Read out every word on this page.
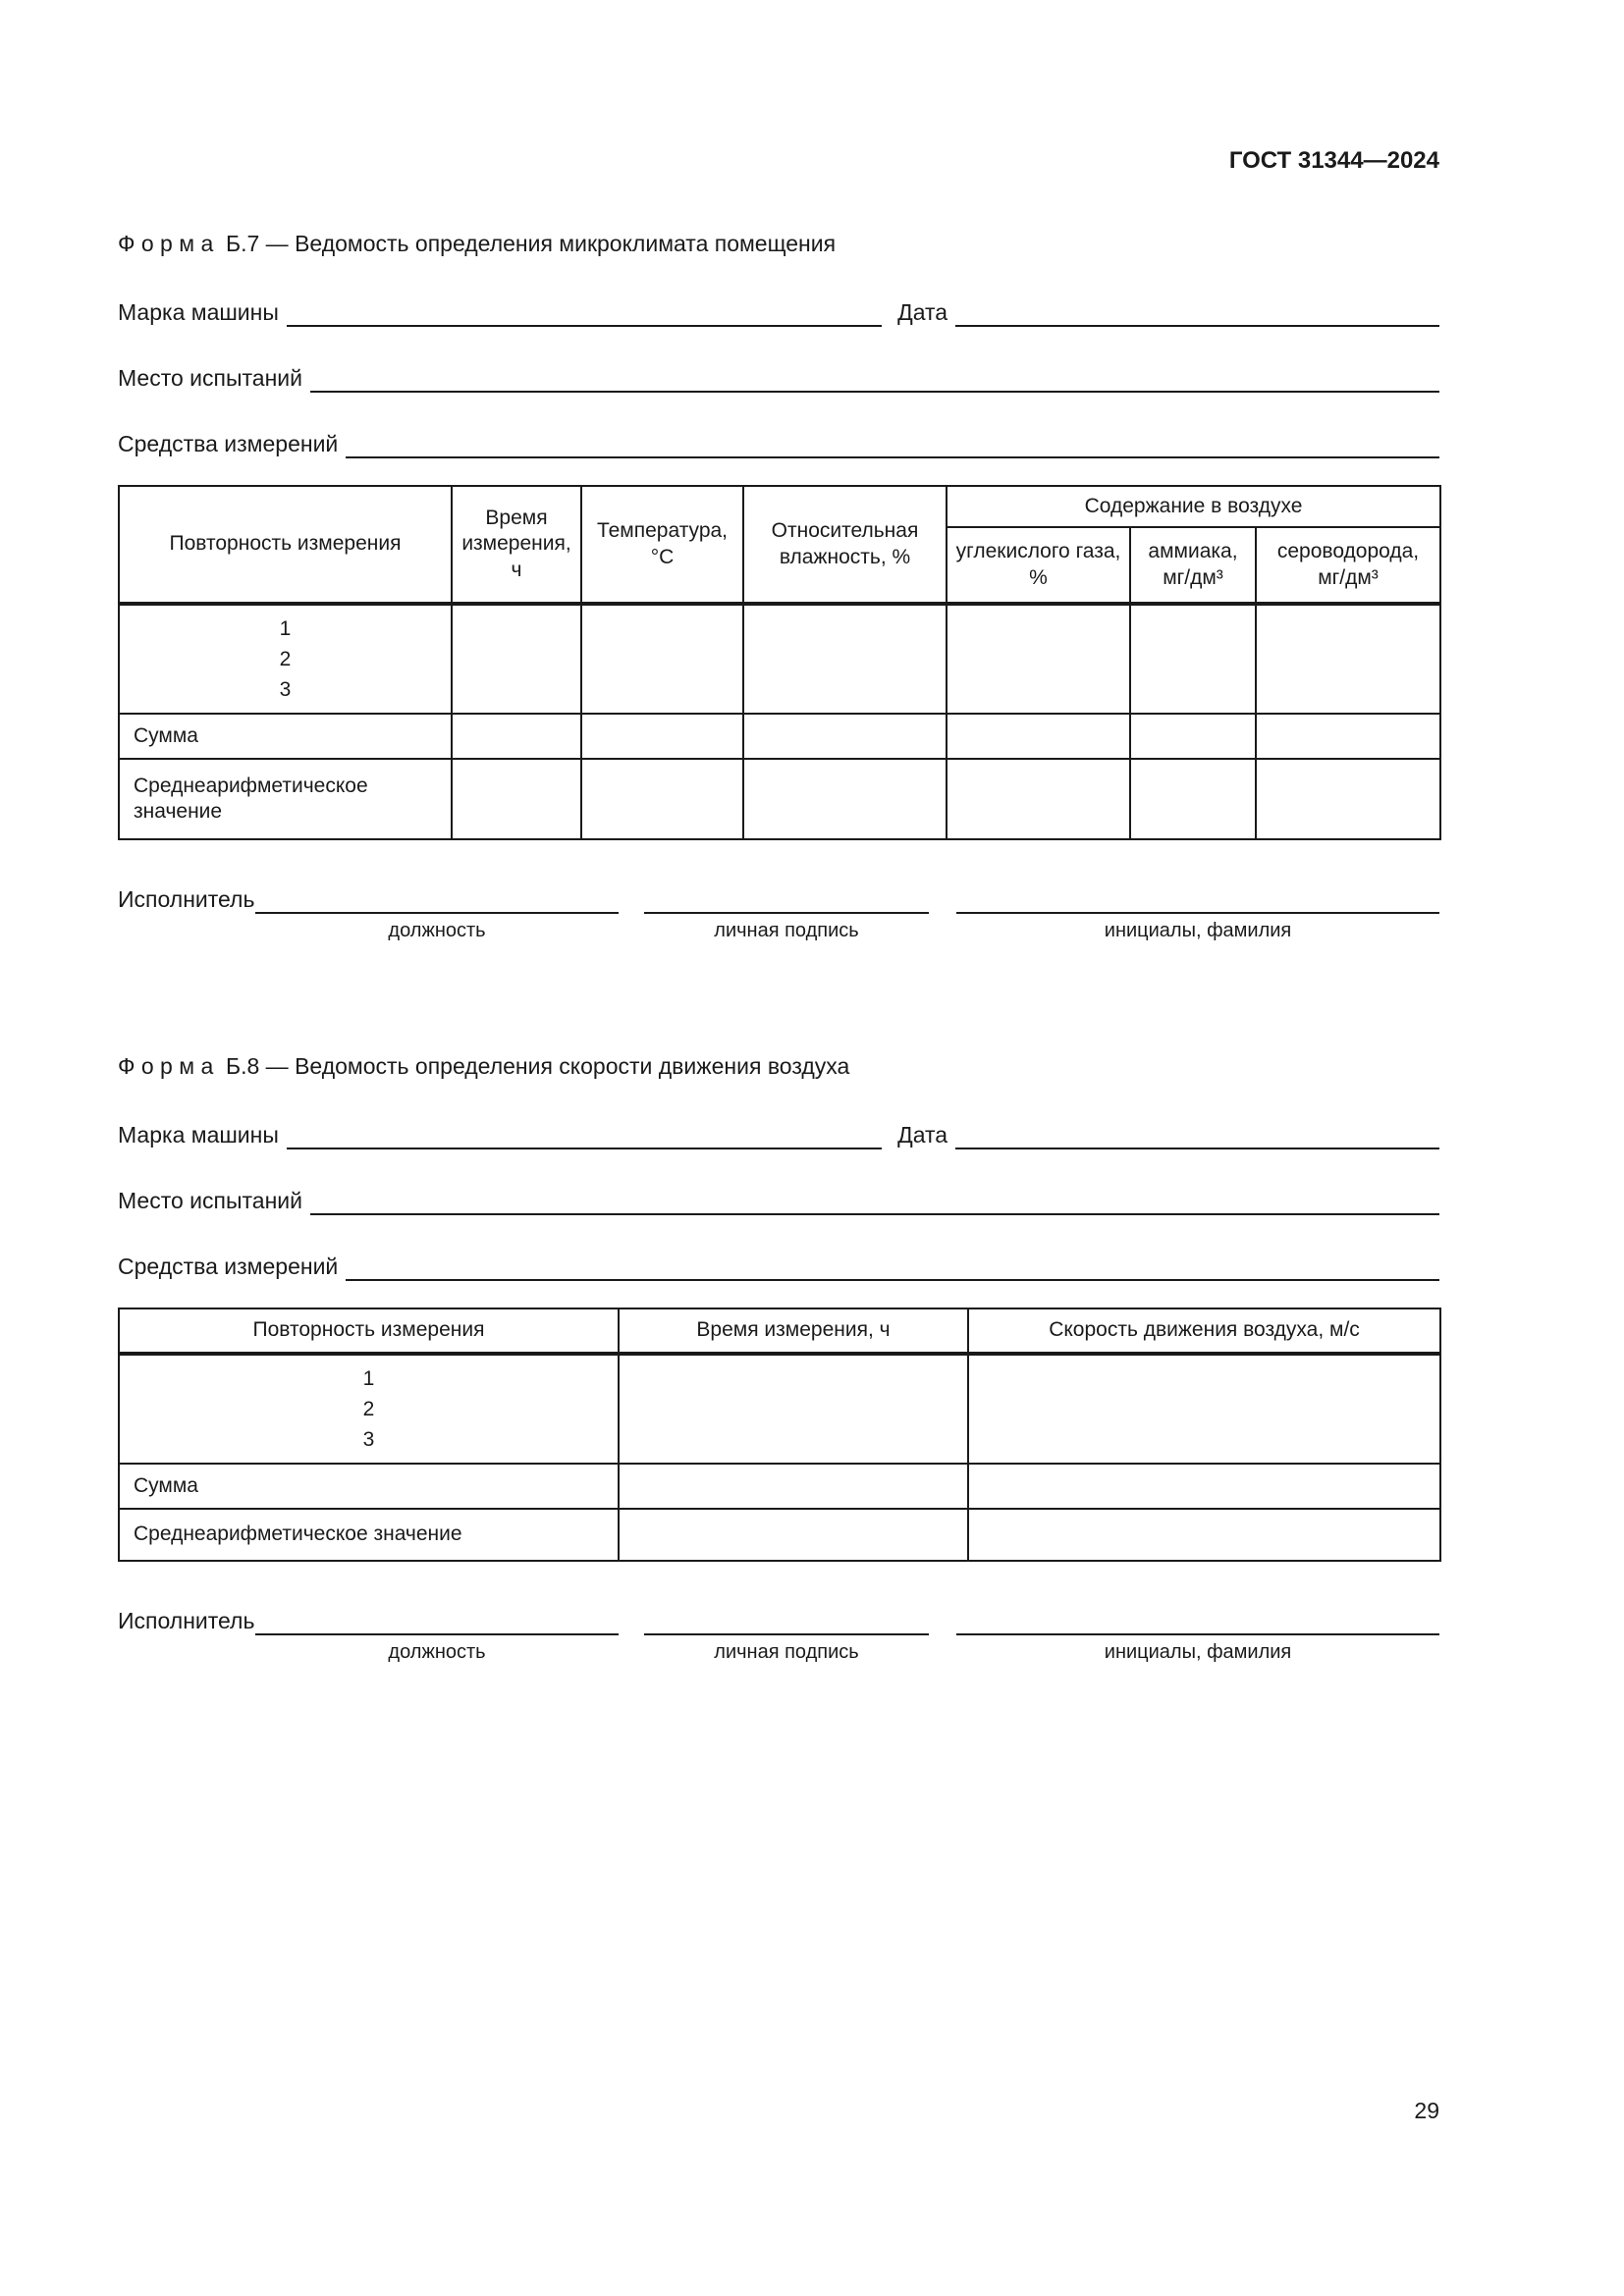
ГОСТ 31344—2024
Ф о р м а  Б.7 — Ведомость определения микроклимата помещения
Марка машины	Дата
Место испытаний
Средства измерений
Повторность измерения	Время измерения, ч	Температура, °С	Относительная влажность, %	Содержание в воздухе		
				углекислого газа, %	аммиака, мг/дм³	сероводорода, мг/дм³

1
2
3						

Сумма						
Среднеарифметическое значение						
Исполнитель
должность	личная подпись	инициалы, фамилия
Ф о р м а  Б.8 — Ведомость определения скорости движения воздуха
Марка машины	Дата
Место испытаний
Средства измерений
Повторность измерения	Время измерения, ч	Скорость движения воздуха, м/с

1
2
3		

Сумма		
Среднеарифметическое значение		
Исполнитель
должность	личная подпись	инициалы, фамилия
29
